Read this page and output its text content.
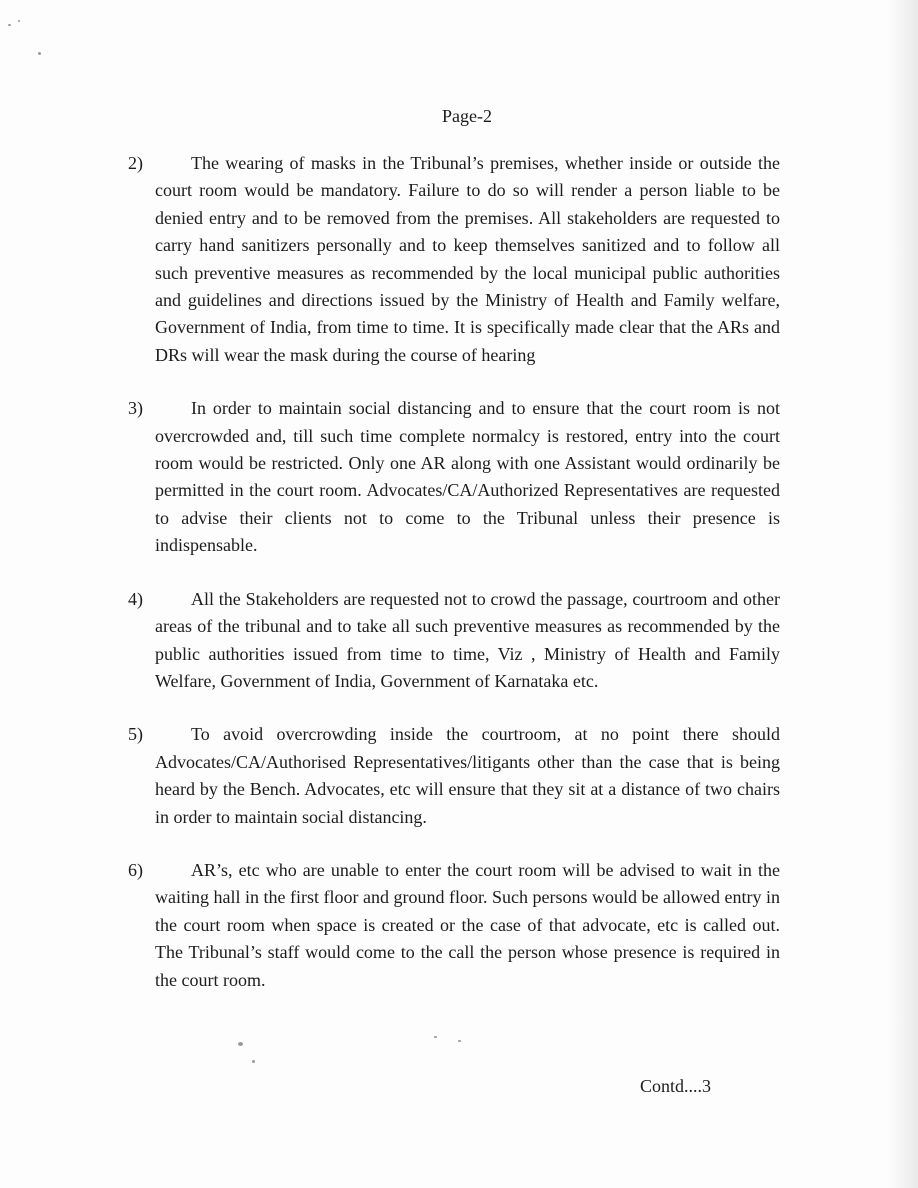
Page-2
2)	The wearing of masks in the Tribunal’s premises, whether inside or outside the court room would be mandatory. Failure to do so will render a person liable to be denied entry and to be removed from the premises. All stakeholders are requested to carry hand sanitizers personally and to keep themselves sanitized and to follow all such preventive measures as recommended by the local municipal public authorities and guidelines and directions issued by the Ministry of Health and Family welfare, Government of India, from time to time. It is specifically made clear that the ARs and DRs will wear the mask during the course of hearing
3)	In order to maintain social distancing and to ensure that the court room is not overcrowded and, till such time complete normalcy is restored, entry into the court room would be restricted. Only one AR along with one Assistant would ordinarily be permitted in the court room. Advocates/CA/Authorized Representatives are requested to advise their clients not to come to the Tribunal unless their presence is indispensable.
4)	All the Stakeholders are requested not to crowd the passage, courtroom and other areas of the tribunal and to take all such preventive measures as recommended by the public authorities issued from time to time, Viz , Ministry of Health and Family Welfare, Government of India, Government of Karnataka etc.
5)	To avoid overcrowding inside the courtroom, at no point there should Advocates/CA/Authorised Representatives/litigants other than the case that is being heard by the Bench. Advocates, etc will ensure that they sit at a distance of two chairs in order to maintain social distancing.
6)	AR’s, etc who are unable to enter the court room will be advised to wait in the waiting hall in the first floor and ground floor. Such persons would be allowed entry in the court room when space is created or the case of that advocate, etc is called out. The Tribunal’s staff would come to the call the person whose presence is required in the court room.
Contd....3
